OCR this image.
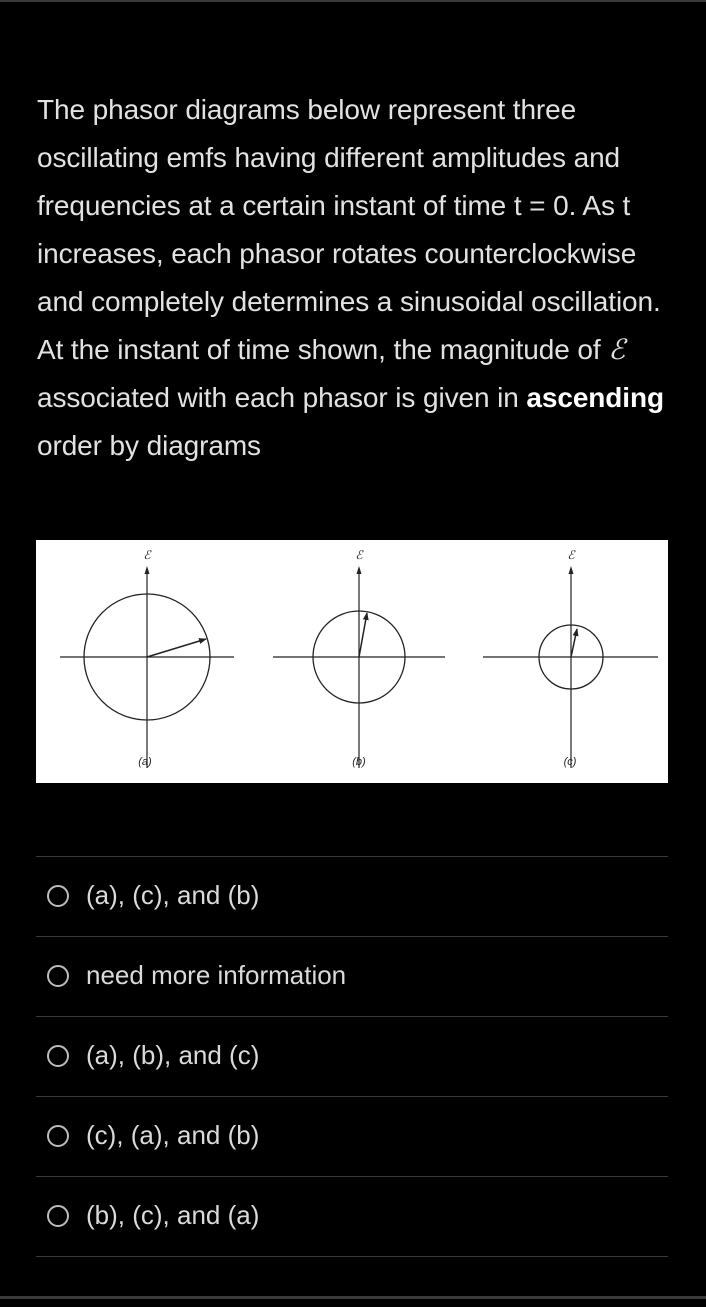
The phasor diagrams below represent three oscillating emfs having different amplitudes and frequencies at a certain instant of time t = 0. As t increases, each phasor rotates counterclockwise and completely determines a sinusoidal oscillation. At the instant of time shown, the magnitude of ℰ associated with each phasor is given in ascending order by diagrams
ℰ
(a)
ℰ
(b)
ℰ
(c)
(a), (c), and (b)
need more information
(a), (b), and (c)
(c), (a), and (b)
(b), (c), and (a)
